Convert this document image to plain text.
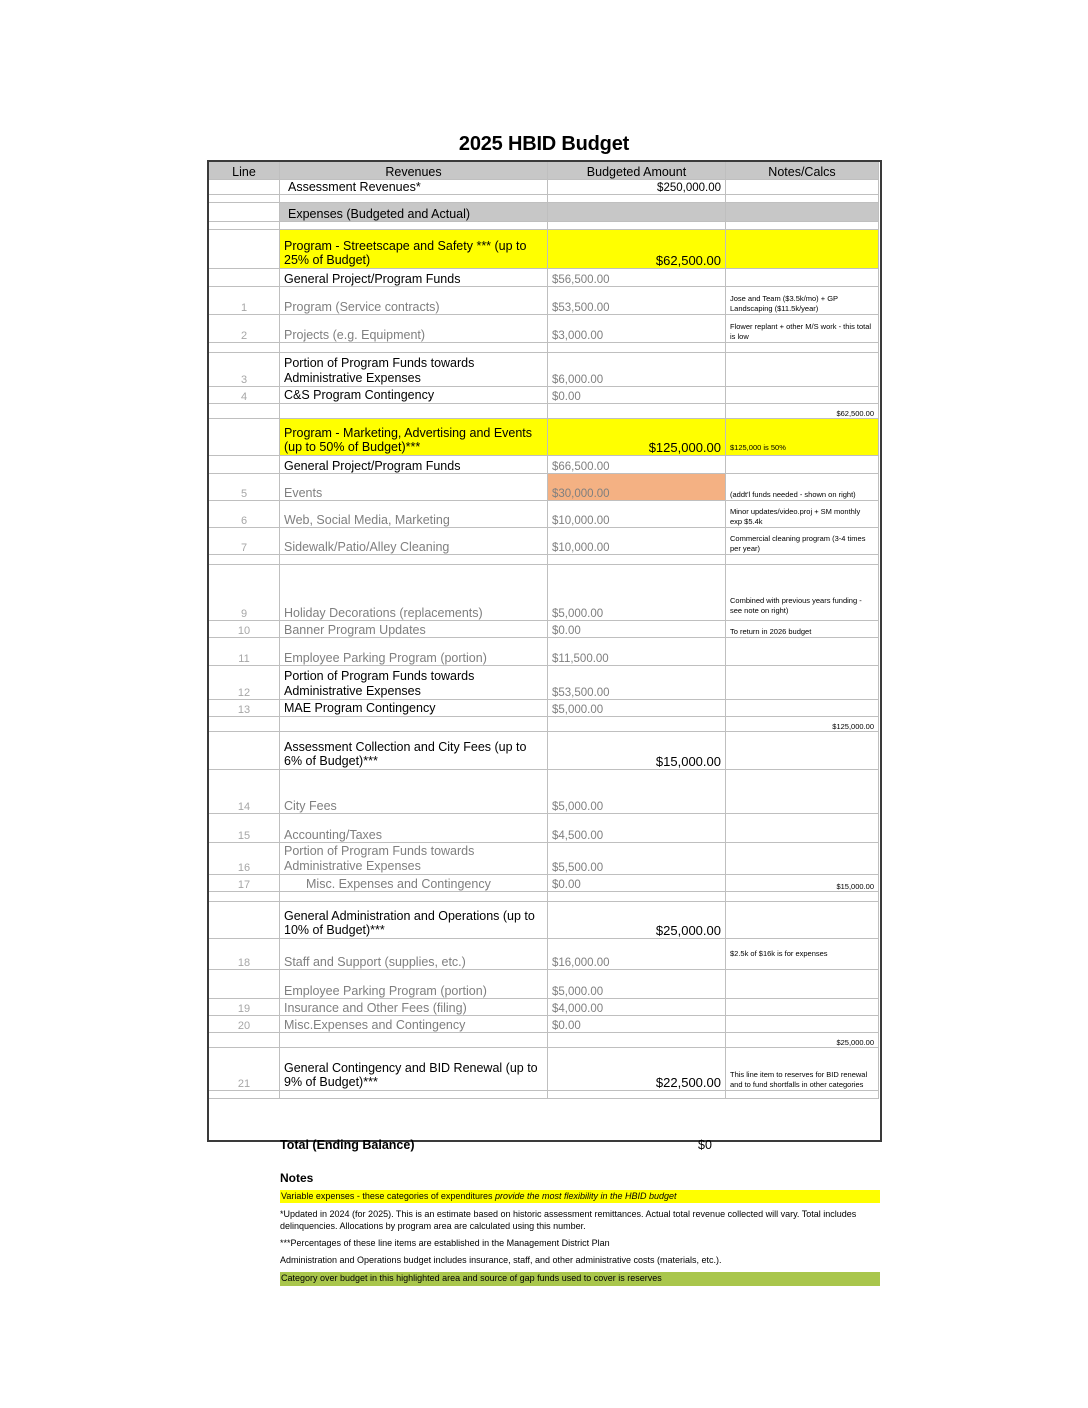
2025 HBID Budget
Line	Revenues	Budgeted Amount	Notes/Calcs
	Assessment Revenues*	$250,000.00	

	Expenses (Budgeted and Actual)		

	Program - Streetscape and Safety *** (up to 25% of Budget)	$62,500.00	
	General Project/Program Funds	$56,500.00	
1	Program (Service contracts)	$53,500.00	Jose and Team ($3.5k/mo) + GP Landscaping ($11.5k/year)
2	Projects (e.g. Equipment)	$3,000.00	Flower replant + other M/S work - this total is low

3	Portion of Program Funds towards Administrative Expenses	$6,000.00	
4	C&S Program Contingency	$0.00	
			$62,500.00
	Program - Marketing, Advertising and Events (up to 50% of Budget)***	$125,000.00	$125,000 is 50%
	General Project/Program Funds	$66,500.00	
5	Events	$30,000.00	(addt'l funds needed - shown on right)
6	Web, Social Media, Marketing	$10,000.00	Minor updates/video.proj + SM monthly exp $5.4k
7	Sidewalk/Patio/Alley Cleaning	$10,000.00	Commercial cleaning program (3-4 times per year)

9	Holiday Decorations (replacements)	$5,000.00	Combined with previous years funding - see note on right)
10	Banner Program Updates	$0.00	To return in 2026 budget
11	Employee Parking Program (portion)	$11,500.00	
12	Portion of Program Funds towards Administrative Expenses	$53,500.00	
13	MAE Program Contingency	$5,000.00	
			$125,000.00
	Assessment Collection and City Fees (up to 6% of Budget)***	$15,000.00	
14	City Fees	$5,000.00	
15	Accounting/Taxes	$4,500.00	
16	Portion of Program Funds towards Administrative Expenses	$5,500.00	
17	Misc. Expenses and Contingency	$0.00	$15,000.00

	General Administration and Operations (up to 10% of Budget)***	$25,000.00	
18	Staff and Support (supplies, etc.)	$16,000.00	$2.5k of $16k is for expenses
	Employee Parking Program (portion)	$5,000.00	
19	Insurance and Other Fees (filing)	$4,000.00	
20	Misc.Expenses and Contingency	$0.00	
			$25,000.00
21	General Contingency and BID Renewal (up to 9% of Budget)***	$22,500.00	This line item to reserves for BID renewal and to fund shortfalls in other categories

Total (Ending Balance)	$0
Notes
Variable expenses - these categories of expenditures provide the most flexibility in the HBID budget
*Updated in 2024 (for 2025). This is an estimate based on historic assessment remittances. Actual total revenue collected will vary. Total includes delinquencies. Allocations by program area are calculated using this number.
***Percentages of these line items are established in the Management District Plan
Administration and Operations budget includes insurance, staff, and other administrative costs (materials, etc.).
Category over budget in this highlighted area and source of gap funds used to cover is reserves
